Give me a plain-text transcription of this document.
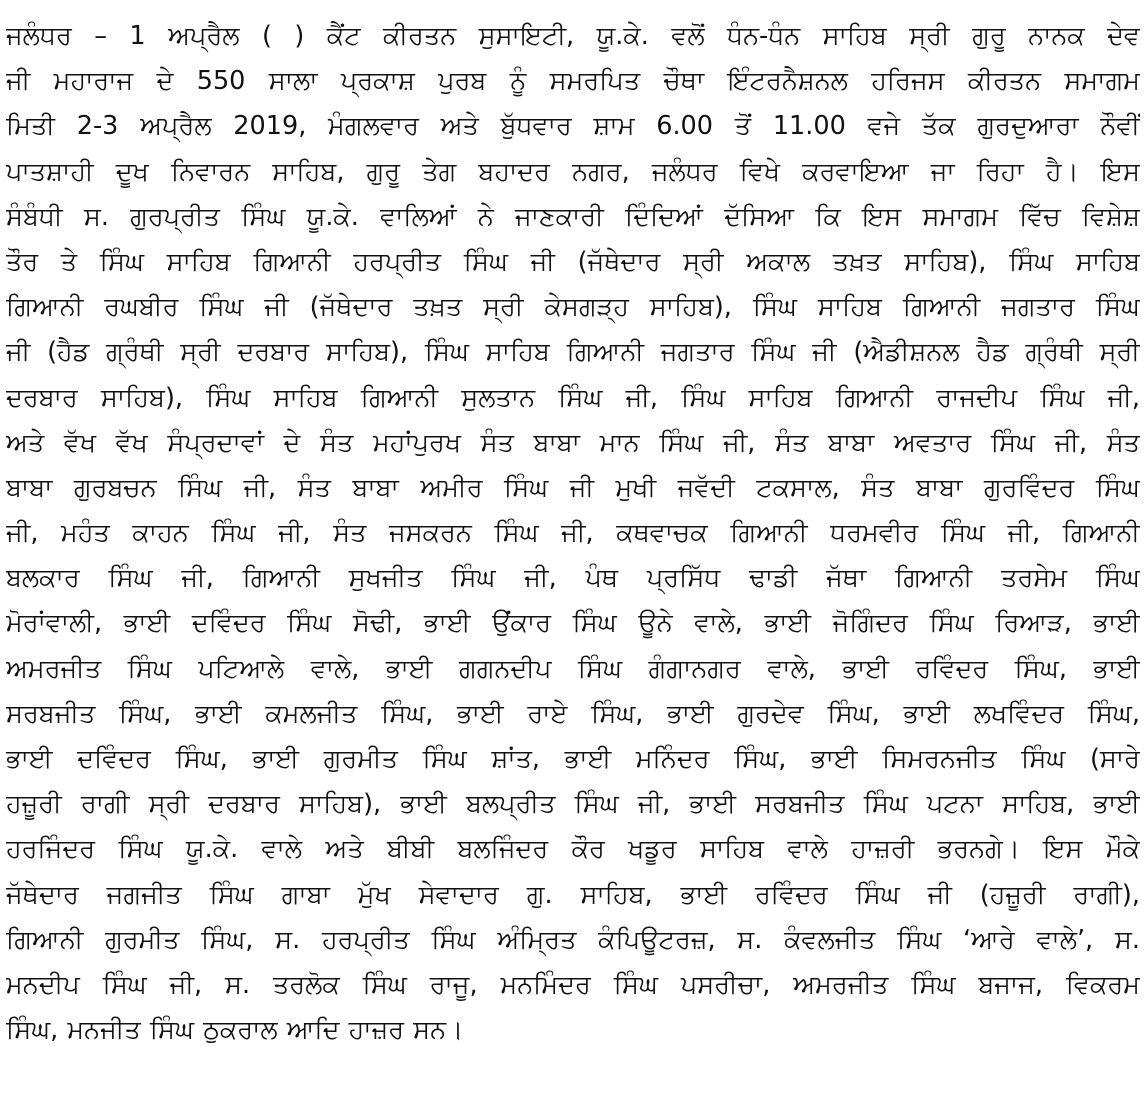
ਜਲੰਧਰ – 1 ਅਪ੍ਰੈਲ ( ) ਕੈਂਟ ਕੀਰਤਨ ਸੁਸਾਇਟੀ, ਯੂ.ਕੇ. ਵਲੋਂ ਧੰਨ-ਧੰਨ ਸਾਹਿਬ ਸ੍ਰੀ ਗੁਰੂ ਨਾਨਕ ਦੇਵ
ਜੀ ਮਹਾਰਾਜ ਦੇ 550 ਸਾਲਾ ਪ੍ਰਕਾਸ਼ ਪੁਰਬ ਨੂੰ ਸਮਰਪਿਤ ਚੌਥਾ ਇੰਟਰਨੈਸ਼ਨਲ ਹਰਿਜਸ ਕੀਰਤਨ ਸਮਾਗਮ
ਮਿਤੀ 2-3 ਅਪ੍ਰੈਲ 2019, ਮੰਗਲਵਾਰ ਅਤੇ ਬੁੱਧਵਾਰ ਸ਼ਾਮ 6.00 ਤੋਂ 11.00 ਵਜੇ ਤੱਕ ਗੁਰਦੁਆਰਾ ਨੌਵੀਂ
ਪਾਤਸ਼ਾਹੀ ਦੂਖ ਨਿਵਾਰਨ ਸਾਹਿਬ, ਗੁਰੂ ਤੇਗ ਬਹਾਦਰ ਨਗਰ, ਜਲੰਧਰ ਵਿਖੇ ਕਰਵਾਇਆ ਜਾ ਰਿਹਾ ਹੈ। ਇਸ
ਸੰਬੰਧੀ ਸ. ਗੁਰਪ੍ਰੀਤ ਸਿੰਘ ਯੂ.ਕੇ. ਵਾਲਿਆਂ ਨੇ ਜਾਣਕਾਰੀ ਦਿੰਦਿਆਂ ਦੱਸਿਆ ਕਿ ਇਸ ਸਮਾਗਮ ਵਿੱਚ ਵਿਸ਼ੇਸ਼
ਤੌਰ ਤੇ ਸਿੰਘ ਸਾਹਿਬ ਗਿਆਨੀ ਹਰਪ੍ਰੀਤ ਸਿੰਘ ਜੀ (ਜੱਥੇਦਾਰ ਸ੍ਰੀ ਅਕਾਲ ਤਖ਼ਤ ਸਾਹਿਬ), ਸਿੰਘ ਸਾਹਿਬ
ਗਿਆਨੀ ਰਘਬੀਰ ਸਿੰਘ ਜੀ (ਜੱਥੇਦਾਰ ਤਖ਼ਤ ਸ੍ਰੀ ਕੇਸਗੜ੍ਹ ਸਾਹਿਬ), ਸਿੰਘ ਸਾਹਿਬ ਗਿਆਨੀ ਜਗਤਾਰ ਸਿੰਘ
ਜੀ (ਹੈਡ ਗ੍ਰੰਥੀ ਸ੍ਰੀ ਦਰਬਾਰ ਸਾਹਿਬ), ਸਿੰਘ ਸਾਹਿਬ ਗਿਆਨੀ ਜਗਤਾਰ ਸਿੰਘ ਜੀ (ਐਡੀਸ਼ਨਲ ਹੈਡ ਗ੍ਰੰਥੀ ਸ੍ਰੀ
ਦਰਬਾਰ ਸਾਹਿਬ), ਸਿੰਘ ਸਾਹਿਬ ਗਿਆਨੀ ਸੁਲਤਾਨ ਸਿੰਘ ਜੀ, ਸਿੰਘ ਸਾਹਿਬ ਗਿਆਨੀ ਰਾਜਦੀਪ ਸਿੰਘ ਜੀ,
ਅਤੇ ਵੱਖ ਵੱਖ ਸੰਪ੍ਰਦਾਵਾਂ ਦੇ ਸੰਤ ਮਹਾਂਪੁਰਖ ਸੰਤ ਬਾਬਾ ਮਾਨ ਸਿੰਘ ਜੀ, ਸੰਤ ਬਾਬਾ ਅਵਤਾਰ ਸਿੰਘ ਜੀ, ਸੰਤ
ਬਾਬਾ ਗੁਰਬਚਨ ਸਿੰਘ ਜੀ, ਸੰਤ ਬਾਬਾ ਅਮੀਰ ਸਿੰਘ ਜੀ ਮੁਖੀ ਜਵੱਦੀ ਟਕਸਾਲ, ਸੰਤ ਬਾਬਾ ਗੁਰਵਿੰਦਰ ਸਿੰਘ
ਜੀ, ਮਹੰਤ ਕਾਹਨ ਸਿੰਘ ਜੀ, ਸੰਤ ਜਸਕਰਨ ਸਿੰਘ ਜੀ, ਕਥਵਾਚਕ ਗਿਆਨੀ ਧਰਮਵੀਰ ਸਿੰਘ ਜੀ, ਗਿਆਨੀ
ਬਲਕਾਰ ਸਿੰਘ ਜੀ, ਗਿਆਨੀ ਸੁਖਜੀਤ ਸਿੰਘ ਜੀ, ਪੰਥ ਪ੍ਰਸਿੱਧ ਢਾਡੀ ਜੱਥਾ ਗਿਆਨੀ ਤਰਸੇਮ ਸਿੰਘ
ਮੋਰਾਂਵਾਲੀ, ਭਾਈ ਦਵਿੰਦਰ ਸਿੰਘ ਸੋਢੀ, ਭਾਈ ਉਂਕਾਰ ਸਿੰਘ ਊਨੇ ਵਾਲੇ, ਭਾਈ ਜੋਗਿੰਦਰ ਸਿੰਘ ਰਿਆੜ, ਭਾਈ
ਅਮਰਜੀਤ ਸਿੰਘ ਪਟਿਆਲੇ ਵਾਲੇ, ਭਾਈ ਗਗਨਦੀਪ ਸਿੰਘ ਗੰਗਾਨਗਰ ਵਾਲੇ, ਭਾਈ ਰਵਿੰਦਰ ਸਿੰਘ, ਭਾਈ
ਸਰਬਜੀਤ ਸਿੰਘ, ਭਾਈ ਕਮਲਜੀਤ ਸਿੰਘ, ਭਾਈ ਰਾਏ ਸਿੰਘ, ਭਾਈ ਗੁਰਦੇਵ ਸਿੰਘ, ਭਾਈ ਲਖਵਿੰਦਰ ਸਿੰਘ,
ਭਾਈ ਦਵਿੰਦਰ ਸਿੰਘ, ਭਾਈ ਗੁਰਮੀਤ ਸਿੰਘ ਸ਼ਾਂਤ, ਭਾਈ ਮਨਿੰਦਰ ਸਿੰਘ, ਭਾਈ ਸਿਮਰਨਜੀਤ ਸਿੰਘ (ਸਾਰੇ
ਹਜ਼ੂਰੀ ਰਾਗੀ ਸ੍ਰੀ ਦਰਬਾਰ ਸਾਹਿਬ), ਭਾਈ ਬਲਪ੍ਰੀਤ ਸਿੰਘ ਜੀ, ਭਾਈ ਸਰਬਜੀਤ ਸਿੰਘ ਪਟਨਾ ਸਾਹਿਬ, ਭਾਈ
ਹਰਜਿੰਦਰ ਸਿੰਘ ਯੂ.ਕੇ. ਵਾਲੇ ਅਤੇ ਬੀਬੀ ਬਲਜਿੰਦਰ ਕੌਰ ਖਡੂਰ ਸਾਹਿਬ ਵਾਲੇ ਹਾਜ਼ਰੀ ਭਰਨਗੇ। ਇਸ ਮੌਕੇ
ਜੱਥੇਦਾਰ ਜਗਜੀਤ ਸਿੰਘ ਗਾਬਾ ਮੁੱਖ ਸੇਵਾਦਾਰ ਗੁ. ਸਾਹਿਬ, ਭਾਈ ਰਵਿੰਦਰ ਸਿੰਘ ਜੀ (ਹਜ਼ੂਰੀ ਰਾਗੀ),
ਗਿਆਨੀ ਗੁਰਮੀਤ ਸਿੰਘ, ਸ. ਹਰਪ੍ਰੀਤ ਸਿੰਘ ਅੰਮ੍ਰਿਤ ਕੰਪਿਊਟਰਜ਼, ਸ. ਕੰਵਲਜੀਤ ਸਿੰਘ ‘ਆਰੇ ਵਾਲੇ’, ਸ.
ਮਨਦੀਪ ਸਿੰਘ ਜੀ, ਸ. ਤਰਲੋਕ ਸਿੰਘ ਰਾਜੂ, ਮਨਮਿੰਦਰ ਸਿੰਘ ਪਸਰੀਚਾ, ਅਮਰਜੀਤ ਸਿੰਘ ਬਜਾਜ, ਵਿਕਰਮ
ਸਿੰਘ, ਮਨਜੀਤ ਸਿੰਘ ਠੁਕਰਾਲ ਆਦਿ ਹਾਜ਼ਰ ਸਨ।
